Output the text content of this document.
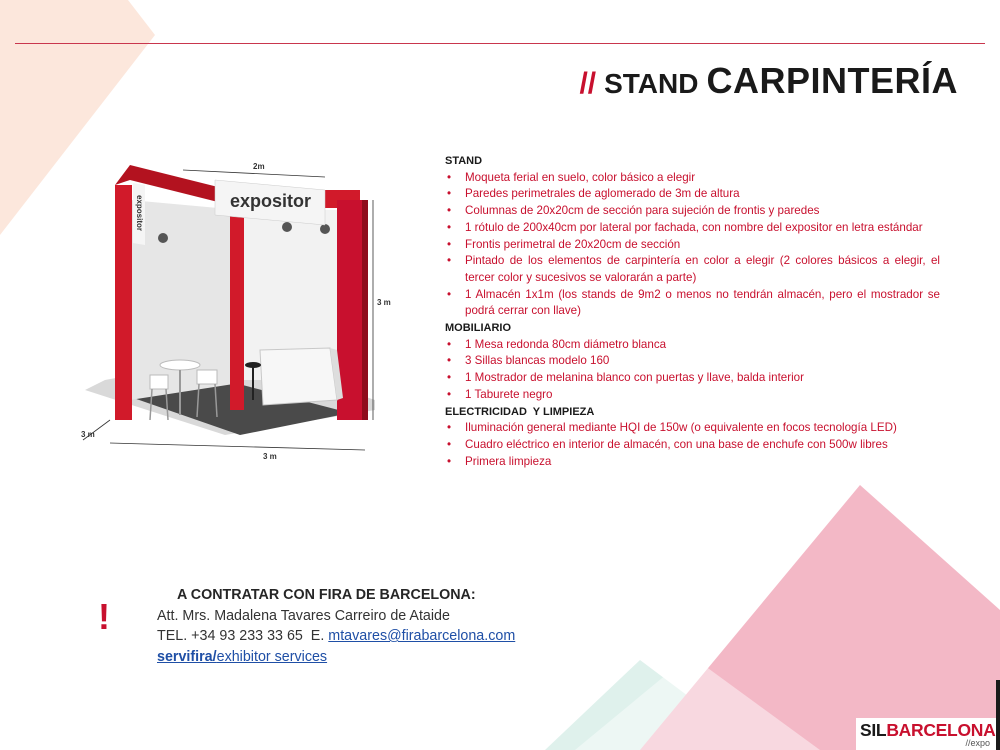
// STAND CARPINTERÍA
expositor
expositor
2m
3 m
3 m
3 m
STAND
• Moqueta ferial en suelo, color básico a elegir
• Paredes perimetrales de aglomerado de 3m de altura
• Columnas de 20x20cm de sección para sujeción de frontis y paredes
• 1 rótulo de 200x40cm por lateral por fachada, con nombre del expositor en letra estándar
• Frontis perimetral de 20x20cm de sección
• Pintado de los elementos de carpintería en color a elegir (2 colores básicos a elegir, el tercer color y sucesivos se valorarán a parte)
• 1 Almacén 1x1m (los stands de 9m2 o menos no tendrán almacén, pero el mostrador se podrá cerrar con llave)
MOBILIARIO
• 1 Mesa redonda 80cm diámetro blanca
• 3 Sillas blancas modelo 160
• 1 Mostrador de melanina blanco con puertas y llave, balda interior
• 1 Taburete negro
ELECTRICIDAD  Y LIMPIEZA
• Iluminación general mediante HQI de 150w (o equivalente en focos tecnología LED)
• Cuadro eléctrico en interior de almacén, con una base de enchufe con 500w libres
• Primera limpieza
!
A CONTRATAR CON FIRA DE BARCELONA:
Att. Mrs. Madalena Tavares Carreiro de Ataide
TEL. +34 93 233 33 65  E. mtavares@firabarcelona.com
servifira/exhibitor services
SILBARCELONA
//expo
